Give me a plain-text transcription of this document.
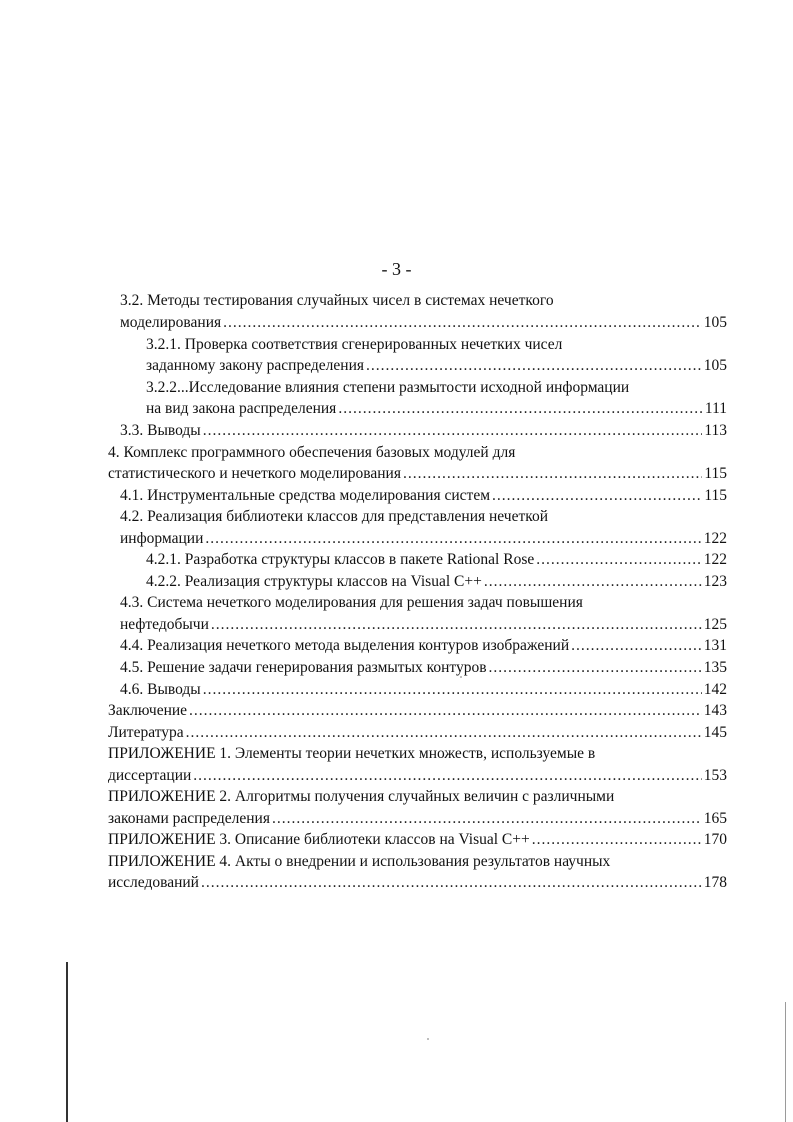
- 3 -
3.2. Методы тестирования случайных чисел в системах нечеткого
моделирования .....	105
3.2.1. Проверка соответствия сгенерированных нечетких чисел
заданному закону распределения .....	105
3.2.2...Исследование влияния степени размытости исходной информации
на вид закона распределения .....	111
3.3. Выводы .....	113
4. Комплекс программного обеспечения базовых модулей для
статистического и нечеткого моделирования .....	115
4.1. Инструментальные средства моделирования систем .....	115
4.2. Реализация библиотеки классов для представления нечеткой
информации .....	122
4.2.1. Разработка структуры классов в пакете Rational Rose .....	122
4.2.2. Реализация структуры классов на Visual C++ .....	123
4.3. Система нечеткого моделирования для решения задач повышения
нефтедобычи .....	125
4.4. Реализация нечеткого метода выделения контуров изображений .....	131
4.5. Решение задачи генерирования размытых контуров .....	135
4.6. Выводы .....	142
Заключение .....	143
Литература .....	145
ПРИЛОЖЕНИЕ 1. Элементы теории нечетких множеств, используемые в
диссертации .....	153
ПРИЛОЖЕНИЕ 2. Алгоритмы получения случайных величин с различными
законами распределения .....	165
ПРИЛОЖЕНИЕ 3. Описание библиотеки классов на Visual C++ .....	170
ПРИЛОЖЕНИЕ 4. Акты о внедрении и использования результатов научных
исследований .....	178
